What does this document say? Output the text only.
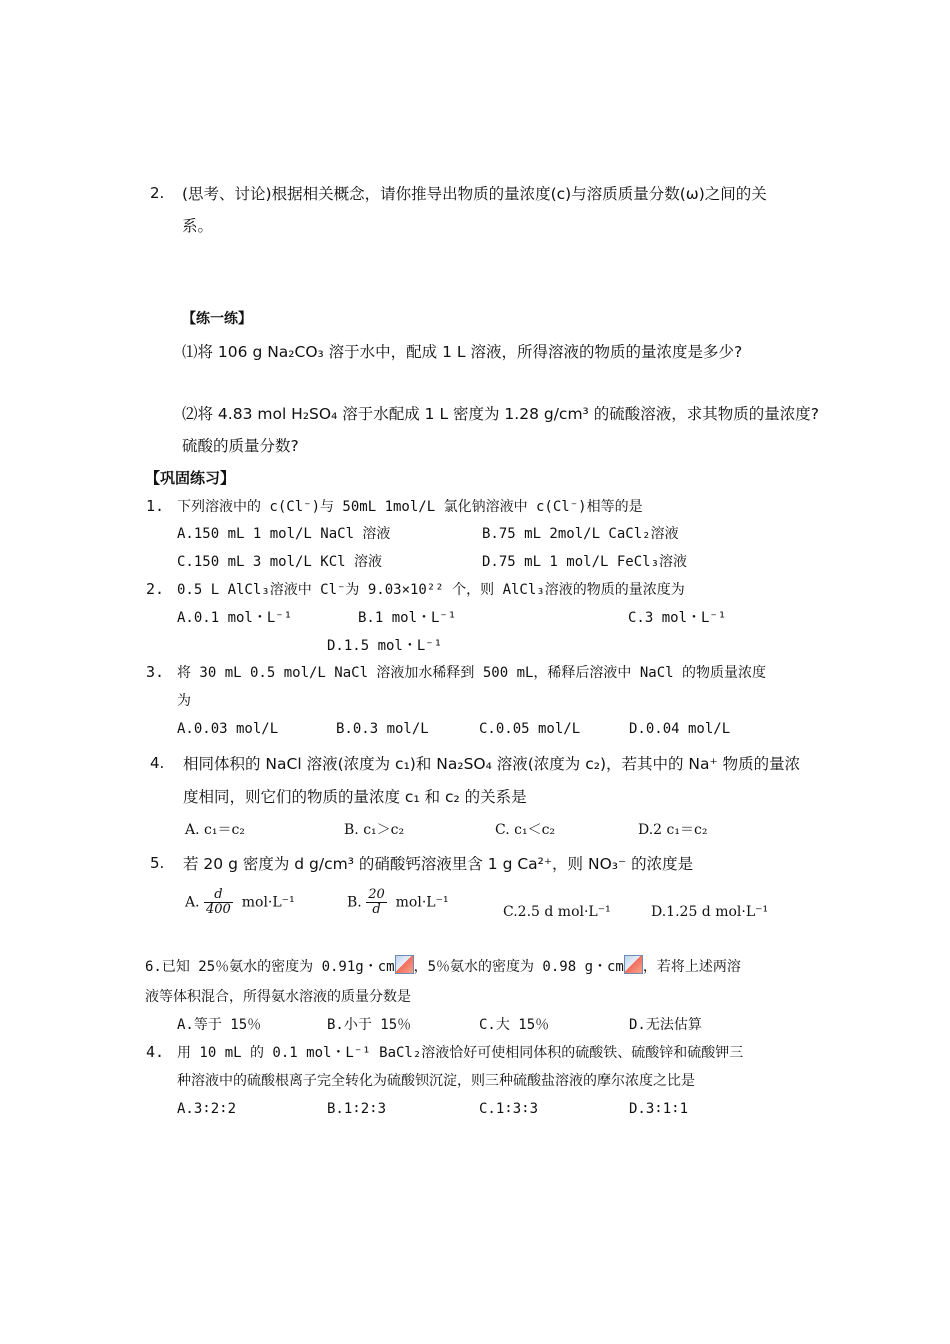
2. (思考、讨论)根据相关概念，请你推导出物质的量浓度(c)与溶质质量分数(ω)之间的关
系。
【练一练】
⑴将 106 g Na₂CO₃ 溶于水中，配成 1 L 溶液，所得溶液的物质的量浓度是多少?
⑵将 4.83 mol H₂SO₄ 溶于水配成 1 L 密度为 1.28 g/cm³ 的硫酸溶液，求其物质的量浓度?
硫酸的质量分数?
【巩固练习】
1. 下列溶液中的 c(Cl⁻)与 50mL 1mol/L 氯化钠溶液中 c(Cl⁻)相等的是
A.150 mL 1 mol/L NaCl 溶液	B.75 mL 2mol/L CaCl₂溶液
C.150 mL 3 mol/L KCl 溶液	D.75 mL 1 mol/L FeCl₃溶液
2. 0.5 L AlCl₃溶液中 Cl⁻为 9.03×10²² 个，则 AlCl₃溶液的物质的量浓度为
A.0.1 mol・L⁻¹	B.1 mol・L⁻¹	C.3 mol・L⁻¹
D.1.5 mol・L⁻¹
3. 将 30 mL 0.5 mol/L NaCl 溶液加水稀释到 500 mL，稀释后溶液中 NaCl 的物质量浓度
为
A.0.03 mol/L	B.0.3 mol/L	C.0.05 mol/L	D.0.04 mol/L
4. 相同体积的 NaCl 溶液(浓度为 c₁)和 Na₂SO₄ 溶液(浓度为 c₂)，若其中的 Na⁺ 物质的量浓
度相同，则它们的物质的量浓度 c₁ 和 c₂ 的关系是
A. c₁＝c₂	B. c₁＞c₂	C. c₁＜c₂	D.2 c₁＝c₂
5. 若 20 g 密度为 d g/cm³ 的硝酸钙溶液里含 1 g Ca²⁺，则 NO₃⁻ 的浓度是
A. $\frac{d}{400} mol\cdot L^{-1}$	B. $\frac{20}{d} mol\cdot L^{-1}$
C.2.5 d mol·L⁻¹	D.1.25 d mol·L⁻¹
6.已知 25％氨水的密度为 0.91g・cm ，5％氨水的密度为 0.98 g・cm ，若将上述两溶
液等体积混合，所得氨水溶液的质量分数是
A.等于 15％	B.小于 15％	C.大 15％	D.无法估算
4. 用 10 mL 的 0.1 mol・L⁻¹ BaCl₂溶液恰好可使相同体积的硫酸铁、硫酸锌和硫酸钾三
种溶液中的硫酸根离子完全转化为硫酸钡沉淀，则三种硫酸盐溶液的摩尔浓度之比是
A.3∶2∶2	B.1∶2∶3	C.1∶3∶3	D.3∶1∶1
